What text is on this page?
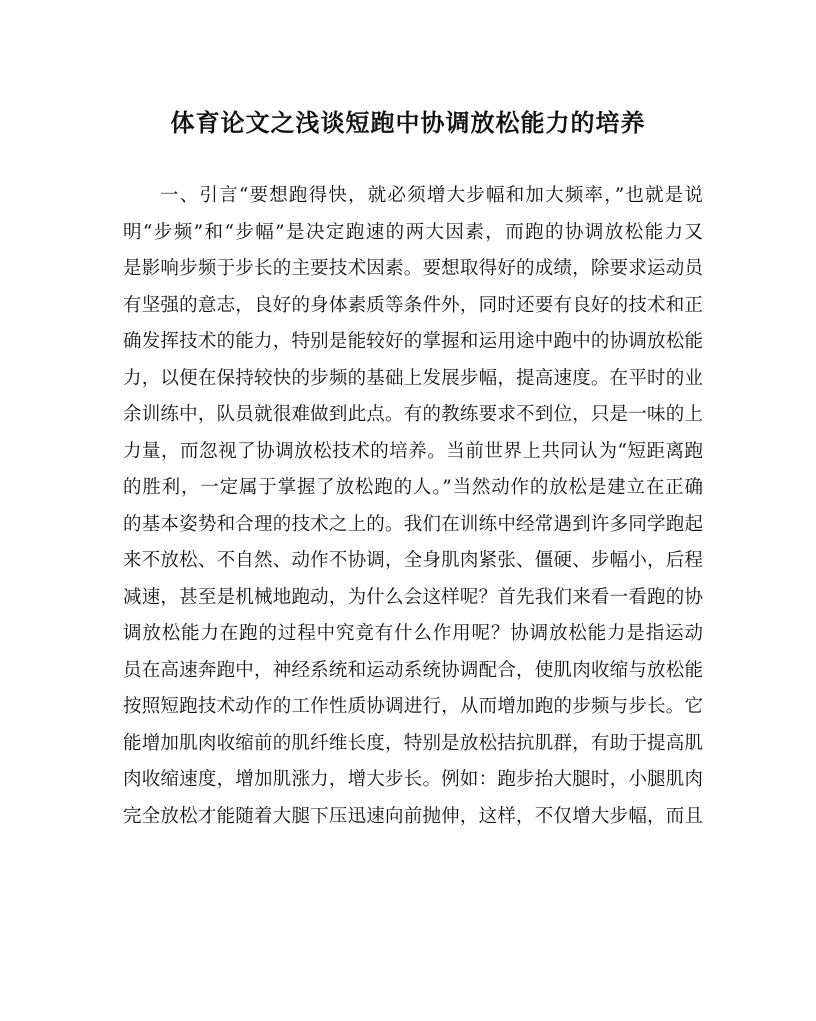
体育论文之浅谈短跑中协调放松能力的培养
一、引言“要想跑得快，就必须增大步幅和加大频率，”也就是说
明“步频”和“步幅”是决定跑速的两大因素，而跑的协调放松能力又
是影响步频于步长的主要技术因素。要想取得好的成绩，除要求运动员
有坚强的意志，良好的身体素质等条件外，同时还要有良好的技术和正
确发挥技术的能力，特别是能较好的掌握和运用途中跑中的协调放松能
力，以便在保持较快的步频的基础上发展步幅，提高速度。在平时的业
余训练中，队员就很难做到此点。有的教练要求不到位，只是一味的上
力量，而忽视了协调放松技术的培养。当前世界上共同认为“短距离跑
的胜利，一定属于掌握了放松跑的人。”当然动作的放松是建立在正确
的基本姿势和合理的技术之上的。我们在训练中经常遇到许多同学跑起
来不放松、不自然、动作不协调，全身肌肉紧张、僵硬、步幅小，后程
减速，甚至是机械地跑动，为什么会这样呢？首先我们来看一看跑的协
调放松能力在跑的过程中究竟有什么作用呢？协调放松能力是指运动
员在高速奔跑中，神经系统和运动系统协调配合，使肌肉收缩与放松能
按照短跑技术动作的工作性质协调进行，从而增加跑的步频与步长。它
能增加肌肉收缩前的肌纤维长度，特别是放松拮抗肌群，有助于提高肌
肉收缩速度，增加肌涨力，增大步长。例如：跑步抬大腿时，小腿肌肉
完全放松才能随着大腿下压迅速向前抛伸，这样，不仅增大步幅，而且
